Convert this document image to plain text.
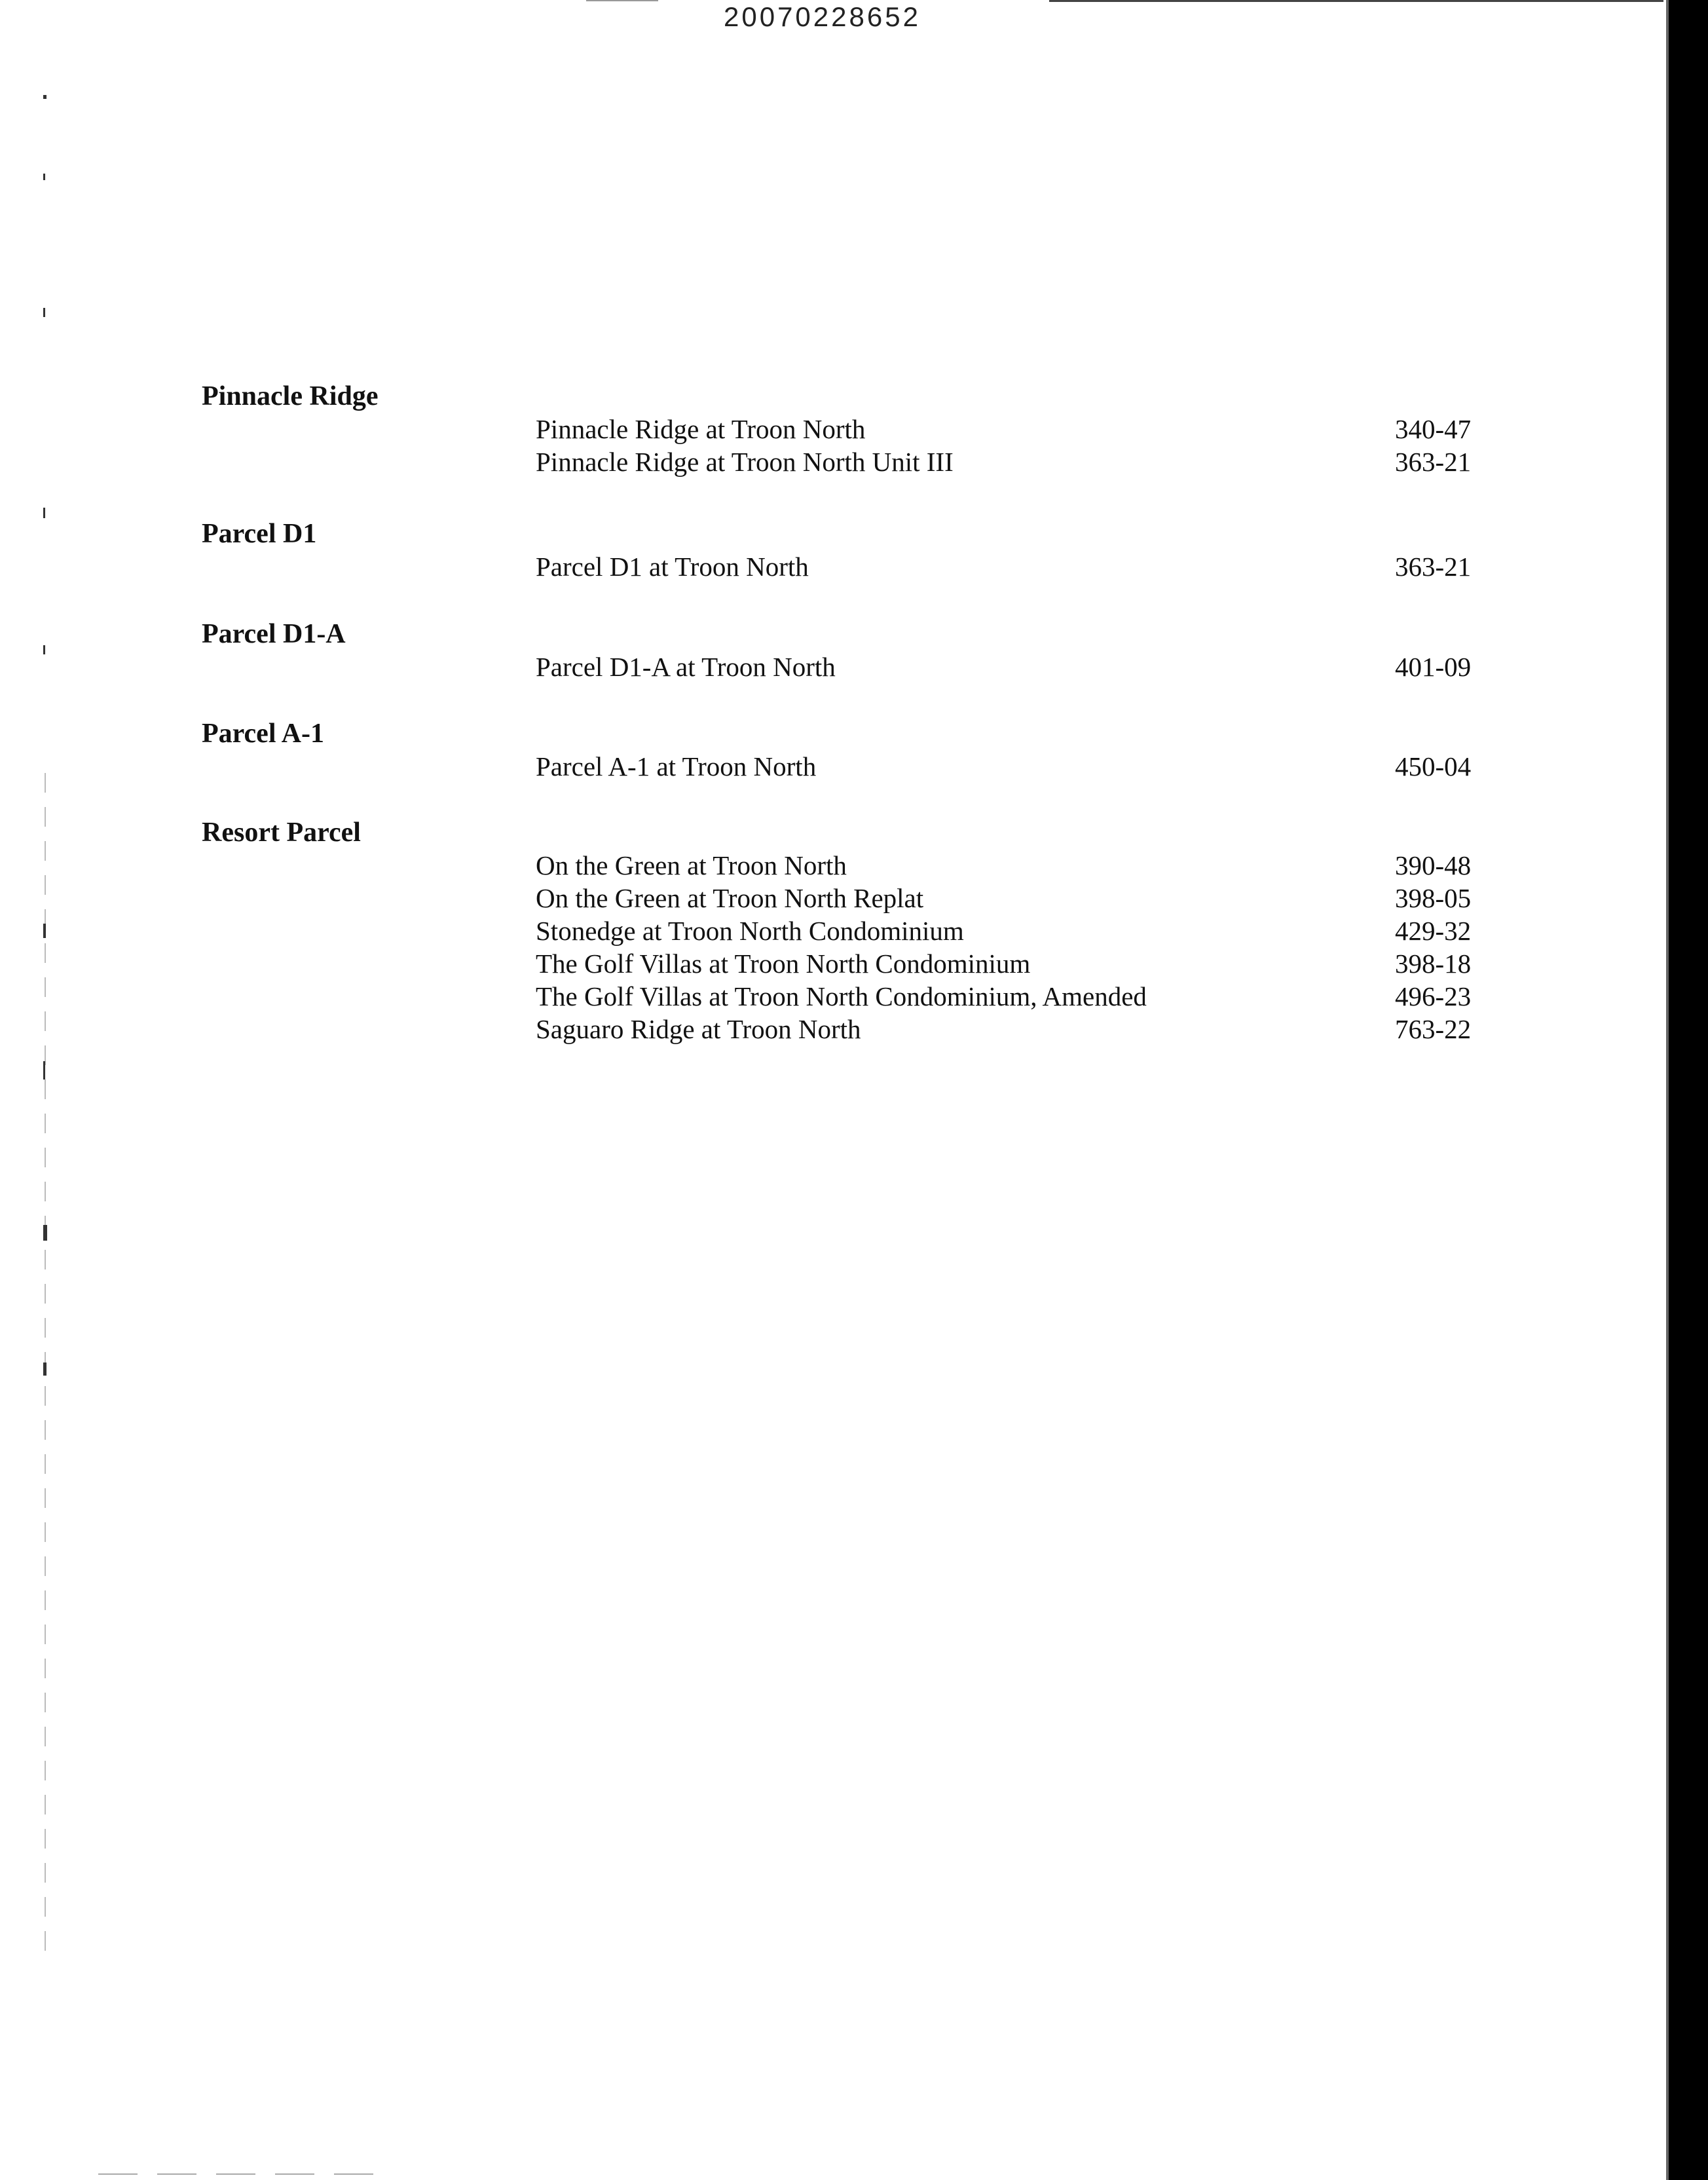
20070228652
Pinnacle Ridge
Pinnacle Ridge at Troon North	340-47
Pinnacle Ridge at Troon North Unit III	363-21
Parcel D1
Parcel D1 at Troon North	363-21
Parcel D1-A
Parcel D1-A at Troon North	401-09
Parcel A-1
Parcel A-1 at Troon North	450-04
Resort Parcel
On the Green at Troon North	390-48
On the Green at Troon North Replat	398-05
Stonedge at Troon North Condominium	429-32
The Golf Villas at Troon North Condominium	398-18
The Golf Villas at Troon North Condominium, Amended	496-23
Saguaro Ridge at Troon North	763-22
